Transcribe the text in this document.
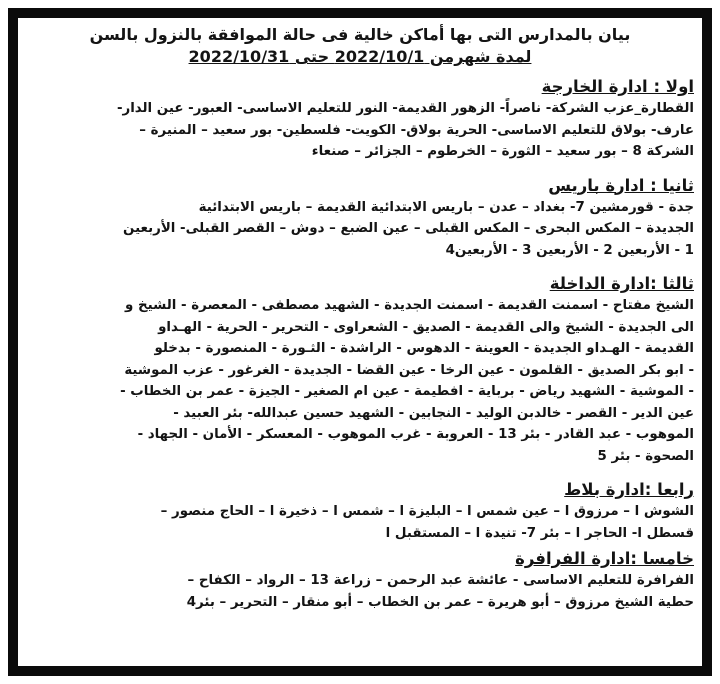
بيان بالمدارس التى بها أماكن خالية فى حالة الموافقة بالنزول بالسن

لمدة شهرمن 2022/10/1 حتى 2022/10/31

اولا : ادارة الخارجة

القطارة_عزب الشركة- ناصراً- الزهور القديمة- النور للتعليم الاساسى- العبور- عين الدار-

عارف- بولاق للتعليم الاساسى- الحرية بولاق- الكويت- فلسطين- بور سعيد – المنيرة –

الشركة 8 – بور سعيد – الثورة – الخرطوم – الجزائر – صنعاء

ثانيا : ادارة باريس

جدة - قورمشين 7- بغداد – عدن – باريس الابتدائية القديمة – باريس الابتدائية

الجديدة – المكس البحرى – المكس القبلى – عين الضبع – دوش – القصر القبلى- الأربعين

1 - الأربعين 2 - الأربعين 3 - الأربعين4

ثالثا :ادارة الداخلة

الشيخ مفتاح - اسمنت القديمة - اسمنت الجديدة - الشهيد مصطفى - المعصرة - الشيخ و

الى الجديدة - الشيخ والى القديمة - الصديق - الشعراوى - التحرير - الحرية - الهـداو

القديمة - الهـداو الجديدة - العوينة - الدهوس - الراشدة - الثـورة - المنصورة - بدخلو

- ابو بكر الصديق - القلمون - عين الرخا - عين القضا - الجديدة - الغرغور - عزب الموشية

- الموشية - الشهيد رياض - برباية - افطيمة - عين ام الصغير - الجيزة - عمر بن الخطاب -

عين الدير - القصر - خالدبن الوليد - النجابين - الشهيد حسين عبدالله- بئر العبيد -

الموهوب - عبد القادر - بئر 13 - العروبة - غرب الموهوب - المعسكر - الأمان - الجهاد -

الصحوة - بئر 5

رابعا :ادارة بلاط

الشوش ا – مرزوق ا – عين شمس ا – البليزة ا – شمس ا – ذخيرة ا – الحاج منصور –

قسطل ا- الحاجر ا – بئر 7- تنيدة ا – المستقبل ا

خامسا :ادارة الفرافرة

الفرافرة للتعليم الاساسى - عائشة عبد الرحمن – زراعة 13 – الرواد – الكفاح –

حطية الشيخ مرزوق – أبو هريرة – عمر بن الخطاب – أبو منقار – التحرير – بئر4
